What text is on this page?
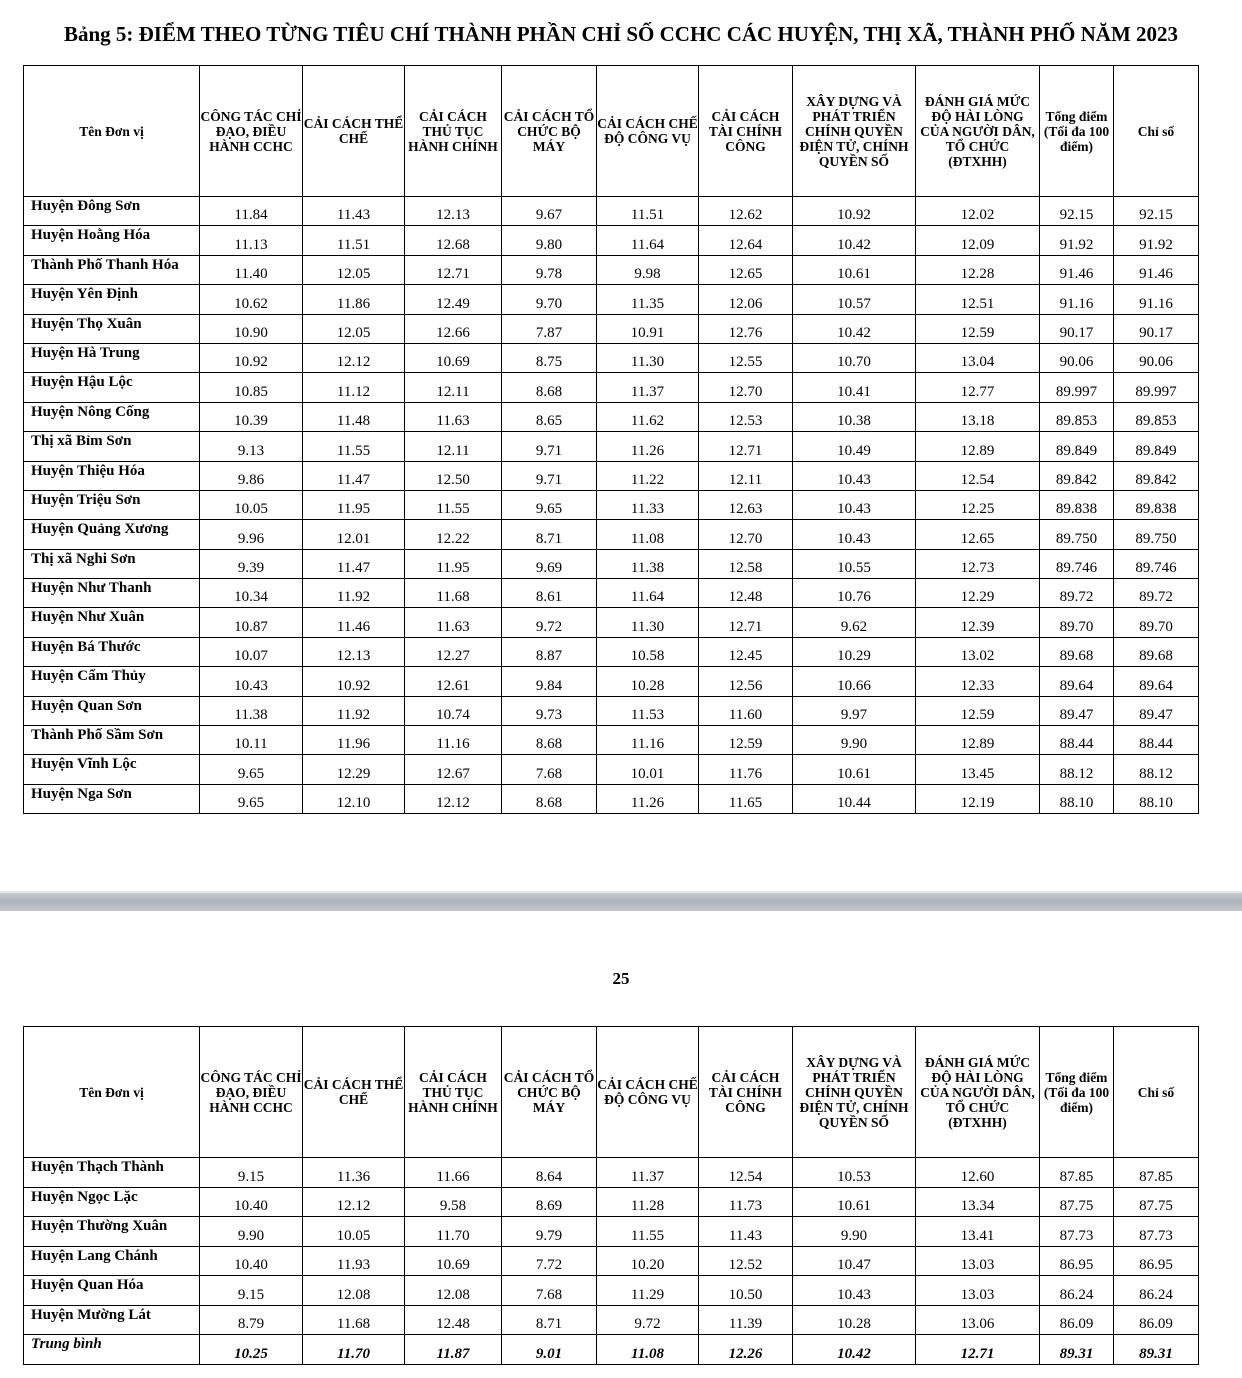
Bảng 5: ĐIỂM THEO TỪNG TIÊU CHÍ THÀNH PHẦN CHỈ SỐ CCHC CÁC HUYỆN, THỊ XÃ, THÀNH PHỐ NĂM 2023
Tên Đơn vị	CÔNG TÁC CHỈ ĐẠO, ĐIỀU HÀNH CCHC	CẢI CÁCH THỂ CHẾ	CẢI CÁCH THỦ TỤC HÀNH CHÍNH	CẢI CÁCH TỔ CHỨC BỘ MÁY	CẢI CÁCH CHẾ ĐỘ CÔNG VỤ	CẢI CÁCH TÀI CHÍNH CÔNG	XÂY DỰNG VÀ PHÁT TRIỂN CHÍNH QUYỀN ĐIỆN TỬ, CHÍNH QUYỀN SỐ	ĐÁNH GIÁ MỨC ĐỘ HÀI LÒNG CỦA NGƯỜI DÂN, TỔ CHỨC (ĐTXHH)	Tổng điểm (Tối đa 100 điểm)	Chỉ số
Huyện Đông Sơn	11.84	11.43	12.13	9.67	11.51	12.62	10.92	12.02	92.15	92.15
Huyện Hoằng Hóa	11.13	11.51	12.68	9.80	11.64	12.64	10.42	12.09	91.92	91.92
Thành Phố Thanh Hóa	11.40	12.05	12.71	9.78	9.98	12.65	10.61	12.28	91.46	91.46
Huyện Yên Định	10.62	11.86	12.49	9.70	11.35	12.06	10.57	12.51	91.16	91.16
Huyện Thọ Xuân	10.90	12.05	12.66	7.87	10.91	12.76	10.42	12.59	90.17	90.17
Huyện Hà Trung	10.92	12.12	10.69	8.75	11.30	12.55	10.70	13.04	90.06	90.06
Huyện Hậu Lộc	10.85	11.12	12.11	8.68	11.37	12.70	10.41	12.77	89.997	89.997
Huyện Nông Cống	10.39	11.48	11.63	8.65	11.62	12.53	10.38	13.18	89.853	89.853
Thị xã Bỉm Sơn	9.13	11.55	12.11	9.71	11.26	12.71	10.49	12.89	89.849	89.849
Huyện Thiệu Hóa	9.86	11.47	12.50	9.71	11.22	12.11	10.43	12.54	89.842	89.842
Huyện Triệu Sơn	10.05	11.95	11.55	9.65	11.33	12.63	10.43	12.25	89.838	89.838
Huyện Quảng Xương	9.96	12.01	12.22	8.71	11.08	12.70	10.43	12.65	89.750	89.750
Thị xã Nghi Sơn	9.39	11.47	11.95	9.69	11.38	12.58	10.55	12.73	89.746	89.746
Huyện Như Thanh	10.34	11.92	11.68	8.61	11.64	12.48	10.76	12.29	89.72	89.72
Huyện Như Xuân	10.87	11.46	11.63	9.72	11.30	12.71	9.62	12.39	89.70	89.70
Huyện Bá Thước	10.07	12.13	12.27	8.87	10.58	12.45	10.29	13.02	89.68	89.68
Huyện Cẩm Thủy	10.43	10.92	12.61	9.84	10.28	12.56	10.66	12.33	89.64	89.64
Huyện Quan Sơn	11.38	11.92	10.74	9.73	11.53	11.60	9.97	12.59	89.47	89.47
Thành Phố Sầm Sơn	10.11	11.96	11.16	8.68	11.16	12.59	9.90	12.89	88.44	88.44
Huyện Vĩnh Lộc	9.65	12.29	12.67	7.68	10.01	11.76	10.61	13.45	88.12	88.12
Huyện Nga Sơn	9.65	12.10	12.12	8.68	11.26	11.65	10.44	12.19	88.10	88.10
25
Tên Đơn vị	CÔNG TÁC CHỈ ĐẠO, ĐIỀU HÀNH CCHC	CẢI CÁCH THỂ CHẾ	CẢI CÁCH THỦ TỤC HÀNH CHÍNH	CẢI CÁCH TỔ CHỨC BỘ MÁY	CẢI CÁCH CHẾ ĐỘ CÔNG VỤ	CẢI CÁCH TÀI CHÍNH CÔNG	XÂY DỰNG VÀ PHÁT TRIỂN CHÍNH QUYỀN ĐIỆN TỬ, CHÍNH QUYỀN SỐ	ĐÁNH GIÁ MỨC ĐỘ HÀI LÒNG CỦA NGƯỜI DÂN, TỔ CHỨC (ĐTXHH)	Tổng điểm (Tối đa 100 điểm)	Chỉ số
Huyện Thạch Thành	9.15	11.36	11.66	8.64	11.37	12.54	10.53	12.60	87.85	87.85
Huyện Ngọc Lặc	10.40	12.12	9.58	8.69	11.28	11.73	10.61	13.34	87.75	87.75
Huyện Thường Xuân	9.90	10.05	11.70	9.79	11.55	11.43	9.90	13.41	87.73	87.73
Huyện Lang Chánh	10.40	11.93	10.69	7.72	10.20	12.52	10.47	13.03	86.95	86.95
Huyện Quan Hóa	9.15	12.08	12.08	7.68	11.29	10.50	10.43	13.03	86.24	86.24
Huyện Mường Lát	8.79	11.68	12.48	8.71	9.72	11.39	10.28	13.06	86.09	86.09
Trung bình	10.25	11.70	11.87	9.01	11.08	12.26	10.42	12.71	89.31	89.31
